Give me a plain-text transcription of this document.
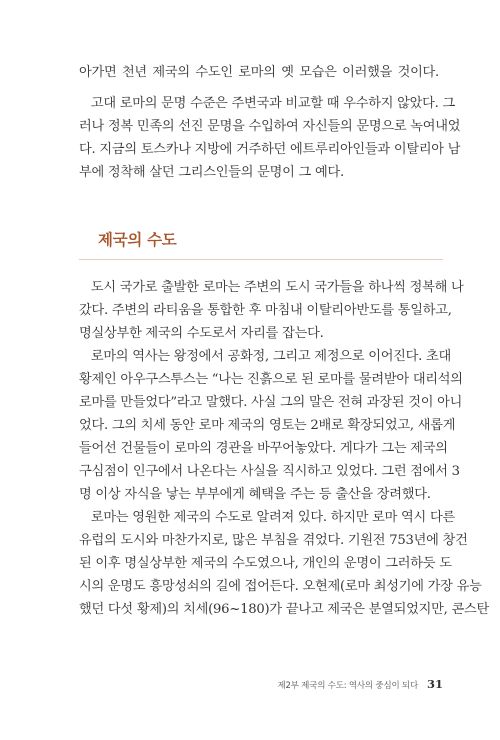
아가면 천년 제국의 수도인 로마의 옛 모습은 이러했을 것이다.
고대 로마의 문명 수준은 주변국과 비교할 때 우수하지 않았다. 그
러나 정복 민족의 선진 문명을 수입하여 자신들의 문명으로 녹여내었
다. 지금의 토스카나 지방에 거주하던 에트루리아인들과 이탈리아 남
부에 정착해 살던 그리스인들의 문명이 그 예다.
제국의 수도
도시 국가로 출발한 로마는 주변의 도시 국가들을 하나씩 정복해 나
갔다. 주변의 라티움을 통합한 후 마침내 이탈리아반도를 통일하고,
명실상부한 제국의 수도로서 자리를 잡는다.
로마의 역사는 왕정에서 공화정, 그리고 제정으로 이어진다. 초대
황제인 아우구스투스는 “나는 진흙으로 된 로마를 물려받아 대리석의
로마를 만들었다”라고 말했다. 사실 그의 말은 전혀 과장된 것이 아니
었다. 그의 치세 동안 로마 제국의 영토는 2배로 확장되었고, 새롭게
들어선 건물들이 로마의 경관을 바꾸어놓았다. 게다가 그는 제국의
구심점이 인구에서 나온다는 사실을 직시하고 있었다. 그런 점에서 3
명 이상 자식을 낳는 부부에게 혜택을 주는 등 출산을 장려했다.
로마는 영원한 제국의 수도로 알려져 있다. 하지만 로마 역시 다른
유럽의 도시와 마찬가지로, 많은 부침을 겪었다. 기원전 753년에 창건
된 이후 명실상부한 제국의 수도였으나, 개인의 운명이 그러하듯 도
시의 운명도 흥망성쇠의 길에 접어든다. 오현제(로마 최성기에 가장 유능
했던 다섯 황제)의 치세(96~180)가 끝나고 제국은 분열되었지만, 콘스탄
제2부 제국의 수도: 역사의 중심이 되다 31
